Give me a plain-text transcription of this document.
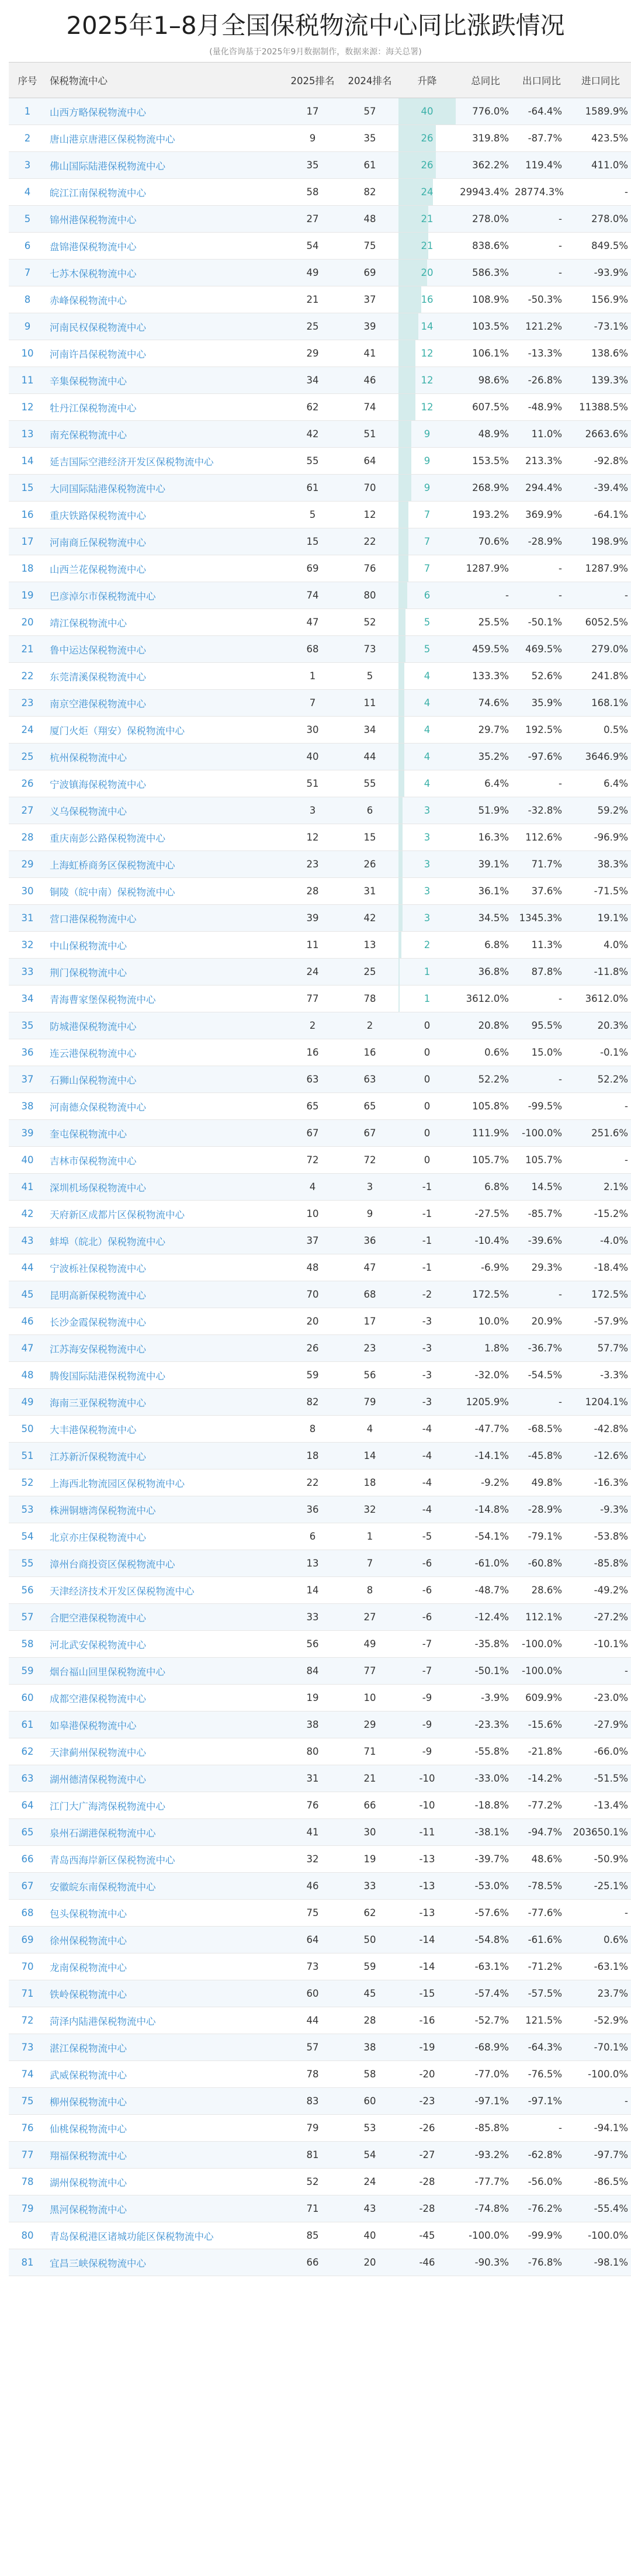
2025年1–8月全国保税物流中心同比涨跌情况
(量化咨询基于2025年9月数据制作，数据来源：海关总署)
序号	保税物流中心	2025排名	2024排名	升降	总同比	出口同比	进口同比
1	山西方略保税物流中心	17	57	40	776.0%	-64.4%	1589.9%
2	唐山港京唐港区保税物流中心	9	35	26	319.8%	-87.7%	423.5%
3	佛山国际陆港保税物流中心	35	61	26	362.2%	119.4%	411.0%
4	皖江江南保税物流中心	58	82	24	29943.4%	28774.3%	-
5	锦州港保税物流中心	27	48	21	278.0%	-	278.0%
6	盘锦港保税物流中心	54	75	21	838.6%	-	849.5%
7	七苏木保税物流中心	49	69	20	586.3%	-	-93.9%
8	赤峰保税物流中心	21	37	16	108.9%	-50.3%	156.9%
9	河南民权保税物流中心	25	39	14	103.5%	121.2%	-73.1%
10	河南许昌保税物流中心	29	41	12	106.1%	-13.3%	138.6%
11	辛集保税物流中心	34	46	12	98.6%	-26.8%	139.3%
12	牡丹江保税物流中心	62	74	12	607.5%	-48.9%	11388.5%
13	南充保税物流中心	42	51	9	48.9%	11.0%	2663.6%
14	延吉国际空港经济开发区保税物流中心	55	64	9	153.5%	213.3%	-92.8%
15	大同国际陆港保税物流中心	61	70	9	268.9%	294.4%	-39.4%
16	重庆铁路保税物流中心	5	12	7	193.2%	369.9%	-64.1%
17	河南商丘保税物流中心	15	22	7	70.6%	-28.9%	198.9%
18	山西兰花保税物流中心	69	76	7	1287.9%	-	1287.9%
19	巴彦淖尔市保税物流中心	74	80	6	-	-	-
20	靖江保税物流中心	47	52	5	25.5%	-50.1%	6052.5%
21	鲁中运达保税物流中心	68	73	5	459.5%	469.5%	279.0%
22	东莞清溪保税物流中心	1	5	4	133.3%	52.6%	241.8%
23	南京空港保税物流中心	7	11	4	74.6%	35.9%	168.1%
24	厦门火炬（翔安）保税物流中心	30	34	4	29.7%	192.5%	0.5%
25	杭州保税物流中心	40	44	4	35.2%	-97.6%	3646.9%
26	宁波镇海保税物流中心	51	55	4	6.4%	-	6.4%
27	义乌保税物流中心	3	6	3	51.9%	-32.8%	59.2%
28	重庆南彭公路保税物流中心	12	15	3	16.3%	112.6%	-96.9%
29	上海虹桥商务区保税物流中心	23	26	3	39.1%	71.7%	38.3%
30	铜陵（皖中南）保税物流中心	28	31	3	36.1%	37.6%	-71.5%
31	营口港保税物流中心	39	42	3	34.5%	1345.3%	19.1%
32	中山保税物流中心	11	13	2	6.8%	11.3%	4.0%
33	荆门保税物流中心	24	25	1	36.8%	87.8%	-11.8%
34	青海曹家堡保税物流中心	77	78	1	3612.0%	-	3612.0%
35	防城港保税物流中心	2	2	0	20.8%	95.5%	20.3%
36	连云港保税物流中心	16	16	0	0.6%	15.0%	-0.1%
37	石狮山保税物流中心	63	63	0	52.2%	-	52.2%
38	河南德众保税物流中心	65	65	0	105.8%	-99.5%	-
39	奎屯保税物流中心	67	67	0	111.9%	-100.0%	251.6%
40	吉林市保税物流中心	72	72	0	105.7%	105.7%	-
41	深圳机场保税物流中心	4	3	-1	6.8%	14.5%	2.1%
42	天府新区成都片区保税物流中心	10	9	-1	-27.5%	-85.7%	-15.2%
43	蚌埠（皖北）保税物流中心	37	36	-1	-10.4%	-39.6%	-4.0%
44	宁波栎社保税物流中心	48	47	-1	-6.9%	29.3%	-18.4%
45	昆明高新保税物流中心	70	68	-2	172.5%	-	172.5%
46	长沙金霞保税物流中心	20	17	-3	10.0%	20.9%	-57.9%
47	江苏海安保税物流中心	26	23	-3	1.8%	-36.7%	57.7%
48	腾俊国际陆港保税物流中心	59	56	-3	-32.0%	-54.5%	-3.3%
49	海南三亚保税物流中心	82	79	-3	1205.9%	-	1204.1%
50	大丰港保税物流中心	8	4	-4	-47.7%	-68.5%	-42.8%
51	江苏新沂保税物流中心	18	14	-4	-14.1%	-45.8%	-12.6%
52	上海西北物流园区保税物流中心	22	18	-4	-9.2%	49.8%	-16.3%
53	株洲铜塘湾保税物流中心	36	32	-4	-14.8%	-28.9%	-9.3%
54	北京亦庄保税物流中心	6	1	-5	-54.1%	-79.1%	-53.8%
55	漳州台商投资区保税物流中心	13	7	-6	-61.0%	-60.8%	-85.8%
56	天津经济技术开发区保税物流中心	14	8	-6	-48.7%	28.6%	-49.2%
57	合肥空港保税物流中心	33	27	-6	-12.4%	112.1%	-27.2%
58	河北武安保税物流中心	56	49	-7	-35.8%	-100.0%	-10.1%
59	烟台福山回里保税物流中心	84	77	-7	-50.1%	-100.0%	-
60	成都空港保税物流中心	19	10	-9	-3.9%	609.9%	-23.0%
61	如皋港保税物流中心	38	29	-9	-23.3%	-15.6%	-27.9%
62	天津蓟州保税物流中心	80	71	-9	-55.8%	-21.8%	-66.0%
63	湖州德清保税物流中心	31	21	-10	-33.0%	-14.2%	-51.5%
64	江门大广海湾保税物流中心	76	66	-10	-18.8%	-77.2%	-13.4%
65	泉州石湖港保税物流中心	41	30	-11	-38.1%	-94.7%	203650.1%
66	青岛西海岸新区保税物流中心	32	19	-13	-39.7%	48.6%	-50.9%
67	安徽皖东南保税物流中心	46	33	-13	-53.0%	-78.5%	-25.1%
68	包头保税物流中心	75	62	-13	-57.6%	-77.6%	-
69	徐州保税物流中心	64	50	-14	-54.8%	-61.6%	0.6%
70	龙南保税物流中心	73	59	-14	-63.1%	-71.2%	-63.1%
71	铁岭保税物流中心	60	45	-15	-57.4%	-57.5%	23.7%
72	菏泽内陆港保税物流中心	44	28	-16	-52.7%	121.5%	-52.9%
73	湛江保税物流中心	57	38	-19	-68.9%	-64.3%	-70.1%
74	武威保税物流中心	78	58	-20	-77.0%	-76.5%	-100.0%
75	柳州保税物流中心	83	60	-23	-97.1%	-97.1%	-
76	仙桃保税物流中心	79	53	-26	-85.8%	-	-94.1%
77	翔福保税物流中心	81	54	-27	-93.2%	-62.8%	-97.7%
78	湖州保税物流中心	52	24	-28	-77.7%	-56.0%	-86.5%
79	黑河保税物流中心	71	43	-28	-74.8%	-76.2%	-55.4%
80	青岛保税港区诸城功能区保税物流中心	85	40	-45	-100.0%	-99.9%	-100.0%
81	宜昌三峡保税物流中心	66	20	-46	-90.3%	-76.8%	-98.1%
